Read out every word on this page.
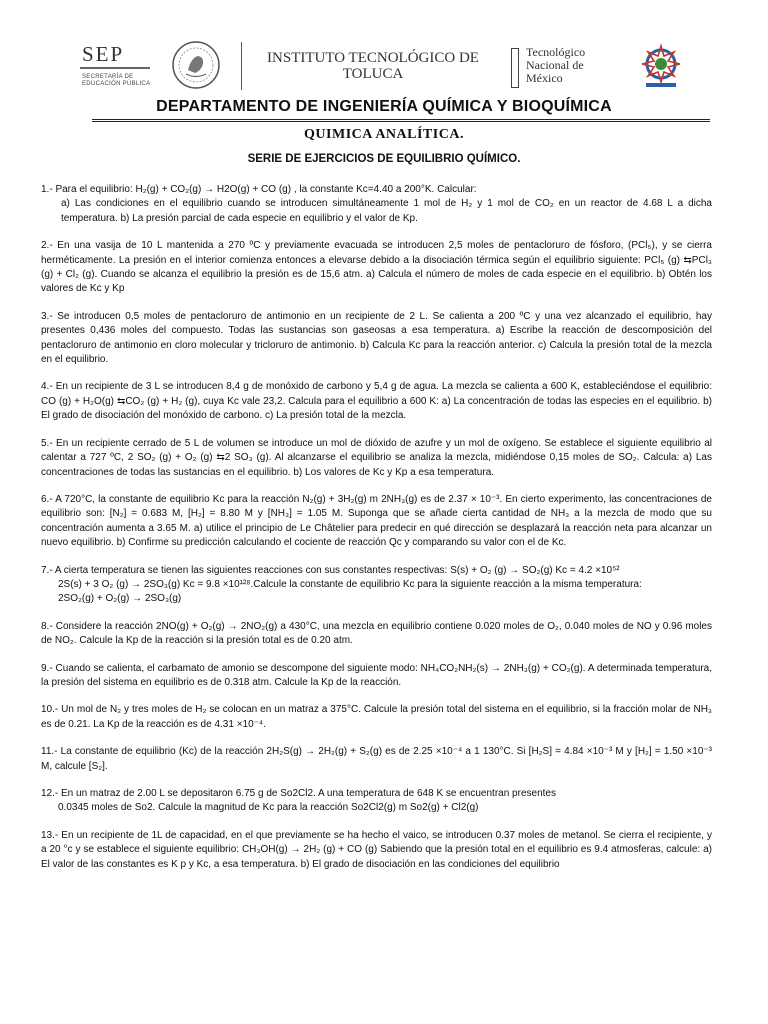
SEP
SECRETARÍA DE
EDUCACIÓN PÚBLICA
INSTITUTO TECNOLÓGICO DE
TOLUCA
Tecnológico
Nacional de
México
DEPARTAMENTO DE INGENIERÍA QUÍMICA Y BIOQUÍMICA
QUIMICA ANALÍTICA.
SERIE DE EJERCICIOS DE EQUILIBRIO QUÍMICO.

1.- Para el equilibrio: H₂(g) + CO₂(g) → H2O(g) + CO (g) , la constante Kc=4.40 a 200°K. Calcular:

a) Las condiciones en el equilibrio cuando se introducen simultáneamente 1 mol de H₂ y 1 mol de CO₂ en un reactor de 4.68 L a dicha temperatura. b) La presión parcial de cada especie en equilibrio y el valor de Kp.

2.- En una vasija de 10 L mantenida a 270 ºC y previamente evacuada se introducen 2,5 moles de pentacloruro de fósforo, (PCl₅), y se cierra herméticamente. La presión en el interior comienza entonces a elevarse debido a la disociación térmica según el equilibrio siguiente: PCl₅ (g) ⇆PCl₃ (g) + Cl₂ (g). Cuando se alcanza el equilibrio la presión es de 15,6 atm. a) Calcula el número de moles de cada especie en el equilibrio. b) Obtén los valores de Kc y Kp

3.- Se introducen 0,5 moles de pentacloruro de antimonio en un recipiente de 2 L. Se calienta a 200 ºC y una vez alcanzado el equilibrio, hay presentes 0,436 moles del compuesto. Todas las sustancias son gaseosas a esa temperatura. a) Escribe la reacción de descomposición del pentacloruro de antimonio en cloro molecular y tricloruro de antimonio. b) Calcula Kc para la reacción anterior. c) Calcula la presión total de la mezcla en el equilibrio.

4.- En un recipiente de 3 L se introducen 8,4 g de monóxido de carbono y 5,4 g de agua. La mezcla se calienta a 600 K, estableciéndose el equilibrio: CO (g) + H₂O(g) ⇆CO₂ (g) + H₂ (g), cuya Kc vale 23,2. Calcula para el equilibrio a 600 K: a) La concentración de todas las especies en el equilibrio. b) El grado de disociación del monóxido de carbono. c) La presión total de la mezcla.

5.- En un recipiente cerrado de 5 L de volumen se introduce un mol de dióxido de azufre y un mol de oxígeno. Se establece el siguiente equilibrio al calentar a 727 ºC, 2 SO₂ (g) + O₂ (g) ⇆2 SO₃ (g). Al alcanzarse el equilibrio se analiza la mezcla, midiéndose 0,15 moles de SO₂. Calcula: a) Las concentraciones de todas las sustancias en el equilibrio. b) Los valores de Kc y Kp a esa temperatura.

6.- A 720°C, la constante de equilibrio Kc para la reacción N₂(g) + 3H₂(g) m 2NH₃(g) es de 2.37 × 10⁻³. En cierto experimento, las concentraciones de equilibrio son: [N₂] = 0.683 M, [H₂] = 8.80 M y [NH₃] = 1.05 M. Suponga que se añade cierta cantidad de NH₃ a la mezcla de modo que su concentración aumenta a 3.65 M. a) utilice el principio de Le Châtelier para predecir en qué dirección se desplazará la reacción neta para alcanzar un nuevo equilibrio. b) Confirme su predicción calculando el cociente de reacción Qc y comparando su valor con el de Kc.

7.- A cierta temperatura se tienen las siguientes reacciones con sus constantes respectivas: S(s) + O₂ (g) → SO₂(g) Kc = 4.2 ×10⁵²

2S(s) + 3 O₂ (g) → 2SO₃(g) Kc = 9.8 ×10¹²⁸.Calcule la constante de equilibrio Kc para la siguiente reacción a la misma temperatura:

2SO₂(g) + O₂(g) → 2SO₃(g)

8.- Considere la reacción 2NO(g) + O₂(g) → 2NO₂(g) a 430°C, una mezcla en equilibrio contiene 0.020 moles de O₂, 0.040 moles de NO y 0.96 moles de NO₂. Calcule la Kp de la reacción si la presión total es de 0.20 atm.

9.- Cuando se calienta, el carbamato de amonio se descompone del siguiente modo: NH₄CO₂NH₂(s) → 2NH₃(g) + CO₂(g). A determinada temperatura, la presión del sistema en equilibrio es de 0.318 atm. Calcule la Kp de la reacción.

10.- Un mol de N₂ y tres moles de H₂ se colocan en un matraz a 375°C. Calcule la presión total del sistema en el equilibrio, si la fracción molar de NH₃ es de 0.21. La Kp de la reacción es de 4.31 ×10⁻⁴.

11.- La constante de equilibrio (Kc) de la reacción 2H₂S(g) → 2H₂(g) + S₂(g) es de 2.25 ×10⁻⁴ a 1 130°C. Si [H₂S] = 4.84 ×10⁻³ M y [H₂] = 1.50 ×10⁻³ M, calcule [S₂].

12.- En un matraz de 2.00 L se depositaron 6.75 g de So2Cl2. A una temperatura de 648 K se encuentran presentes

0.0345 moles de So2. Calcule la magnitud de Kc para la reacción So2Cl2(g) m So2(g) + Cl2(g)

13.- En un recipiente de 1L de capacidad, en el que previamente se ha hecho el vaico, se introducen 0.37 moles de metanol. Se cierra el recipiente, y a 20 °c y se establece el siguiente equilibrio: CH₃OH(g) → 2H₂ (g) + CO (g) Sabiendo que la presión total en el equilibrio es 9.4 atmosferas, calcule: a) El valor de las constantes es K p y Kc, a esa temperatura. b) El grado de disociación en las condiciones del equilibrio
